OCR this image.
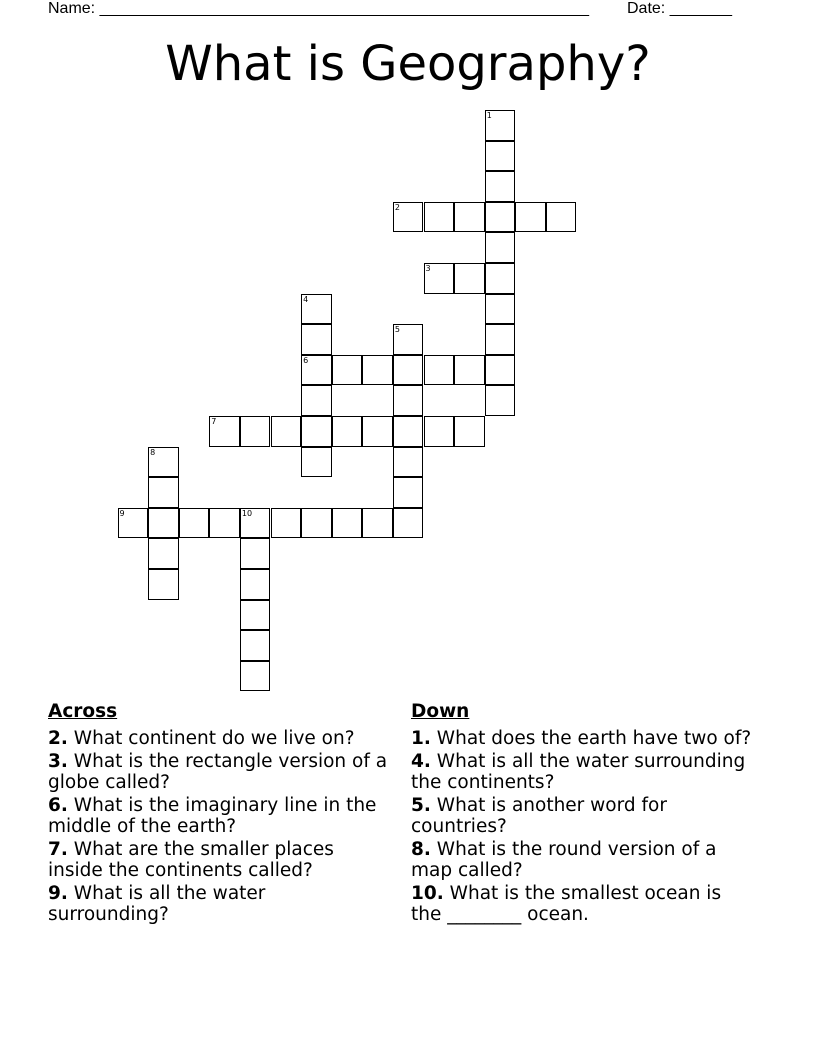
Name: _______________________________________________________ Date: _______
What is Geography?
1
2
3
4
6
5
7
8
9	10
Across
2. What continent do we live on?
3. What is the rectangle version of a globe called?
6. What is the imaginary line in the middle of the earth?
7. What are the smaller places inside the continents called?
9. What is all the water surrounding?
Down
1. What does the earth have two of?
4. What is all the water surrounding the continents?
5. What is another word for countries?
8. What is the round version of a map called?
10. What is the smallest ocean is the ________ ocean.
